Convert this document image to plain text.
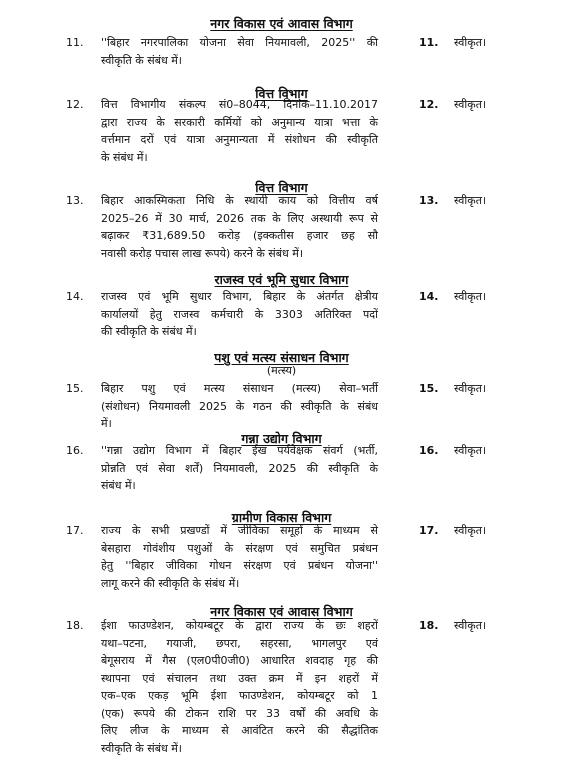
नगर विकास एवं आवास विभाग
11. ''बिहार नगरपालिका योजना सेवा नियमावली, 2025'' की
स्वीकृति के संबंध में।
11. स्वीकृत।
वित्त विभाग
12. वित्त विभागीय संकल्प सं0–8044, दिनांक–11.10.2017
द्वारा राज्य के सरकारी कर्मियों को अनुमान्य यात्रा भत्ता के
वर्त्तमान दरों एवं यात्रा अनुमान्यता में संशोधन की स्वीकृति
के संबंध में।
12. स्वीकृत।
वित्त विभाग
13. बिहार आकस्मिकता निधि के स्थायी काय को वित्तीय वर्ष
2025–26 में 30 मार्च, 2026 तक के लिए अस्थायी रूप से
बढ़ाकर ₹31,689.50 करोड़ (इक्कतीस हजार छह सौ
नवासी करोड़ पचास लाख रूपये) करने के संबंध में।
13. स्वीकृत।
राजस्व एवं भूमि सुधार विभाग
14. राजस्व एवं भूमि सुधार विभाग, बिहार के अंतर्गत क्षेत्रीय
कार्यालयों हेतु राजस्व कर्मचारी के 3303 अतिरिक्त पदों
की स्वीकृति के संबंध में।
14. स्वीकृत।
पशु एवं मत्स्य संसाधन विभाग
(मत्स्य)
15. बिहार पशु एवं मत्स्य संसाधन (मत्स्य) सेवा–भर्ती
(संशोधन) नियमावली 2025 के गठन की स्वीकृति के संबंध
में।
15. स्वीकृत।
गन्ना उद्योग विभाग
16. ''गन्ना उद्योग विभाग में बिहार ईख पर्यवेक्षक संवर्ग (भर्ती,
प्रोन्नति एवं सेवा शर्तें) नियमावली, 2025 की स्वीकृति के
संबंध में।
16. स्वीकृत।
ग्रामीण विकास विभाग
17. राज्य के सभी प्रखण्डों में जीविका समूहों के माध्यम से
बेसहारा गोवंशीय पशुओं के संरक्षण एवं समुचित प्रबंधन
हेतु ''बिहार जीविका गोधन संरक्षण एवं प्रबंधन योजना''
लागू करने की स्वीकृति के संबंध में।
17. स्वीकृत।
नगर विकास एवं आवास विभाग
18. ईशा फाउण्डेशन, कोयम्बटूर के द्वारा राज्य के छः शहरों
यथा–पटना, गयाजी, छपरा, सहरसा, भागलपुर एवं
बेगूसराय में गैस (एल0पी0जी0) आधारित शवदाह गृह की
स्थापना एवं संचालन तथा उक्त क्रम में इन शहरों में
एक–एक एकड़ भूमि ईशा फाउण्डेशन, कोयम्बटूर को 1
(एक) रूपये की टोकन राशि पर 33 वर्षों की अवधि के
लिए लीज के माध्यम से आवंटित करने की सैद्धांतिक
स्वीकृति के संबंध में।
18. स्वीकृत।
